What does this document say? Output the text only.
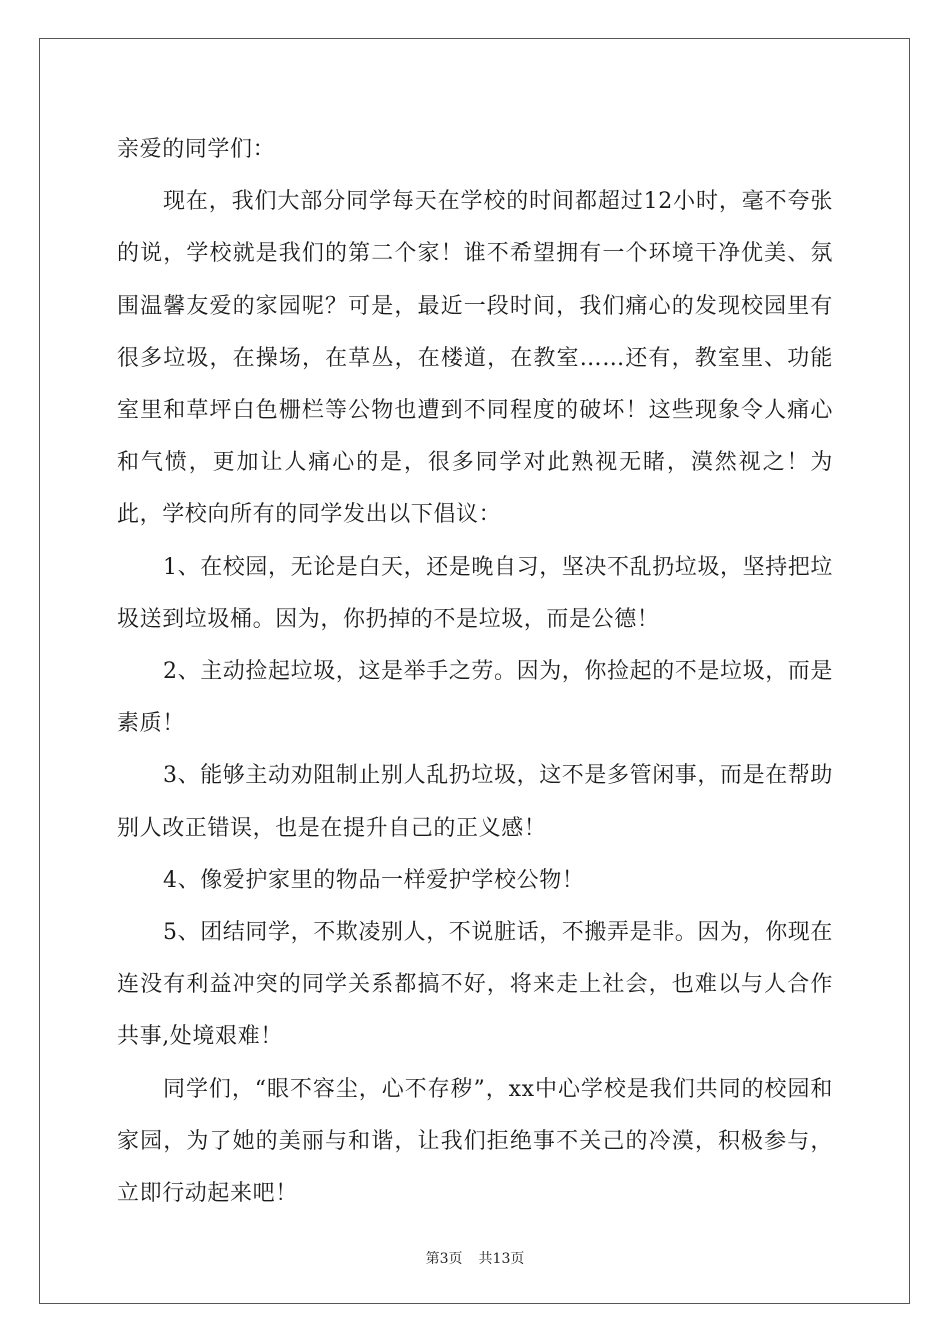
亲爱的同学们：

现在，我们大部分同学每天在学校的时间都超过12小时，毫不夸张的说，学校就是我们的第二个家！谁不希望拥有一个环境干净优美、氛围温馨友爱的家园呢？可是，最近一段时间，我们痛心的发现校园里有很多垃圾，在操场，在草丛，在楼道，在教室……还有，教室里、功能室里和草坪白色栅栏等公物也遭到不同程度的破坏！这些现象令人痛心和气愤，更加让人痛心的是，很多同学对此熟视无睹，漠然视之！为此，学校向所有的同学发出以下倡议：

1、在校园，无论是白天，还是晚自习，坚决不乱扔垃圾，坚持把垃圾送到垃圾桶。因为，你扔掉的不是垃圾，而是公德！

2、主动捡起垃圾，这是举手之劳。因为，你捡起的不是垃圾，而是素质！

3、能够主动劝阻制止别人乱扔垃圾，这不是多管闲事，而是在帮助别人改正错误，也是在提升自己的正义感！

4、像爱护家里的物品一样爱护学校公物！

5、团结同学，不欺凌别人，不说脏话，不搬弄是非。因为，你现在连没有利益冲突的同学关系都搞不好，将来走上社会，也难以与人合作共事,处境艰难！

同学们，“眼不容尘，心不存秽”，xx中心学校是我们共同的校园和家园，为了她的美丽与和谐，让我们拒绝事不关己的冷漠，积极参与，立即行动起来吧！

第3页 共13页
